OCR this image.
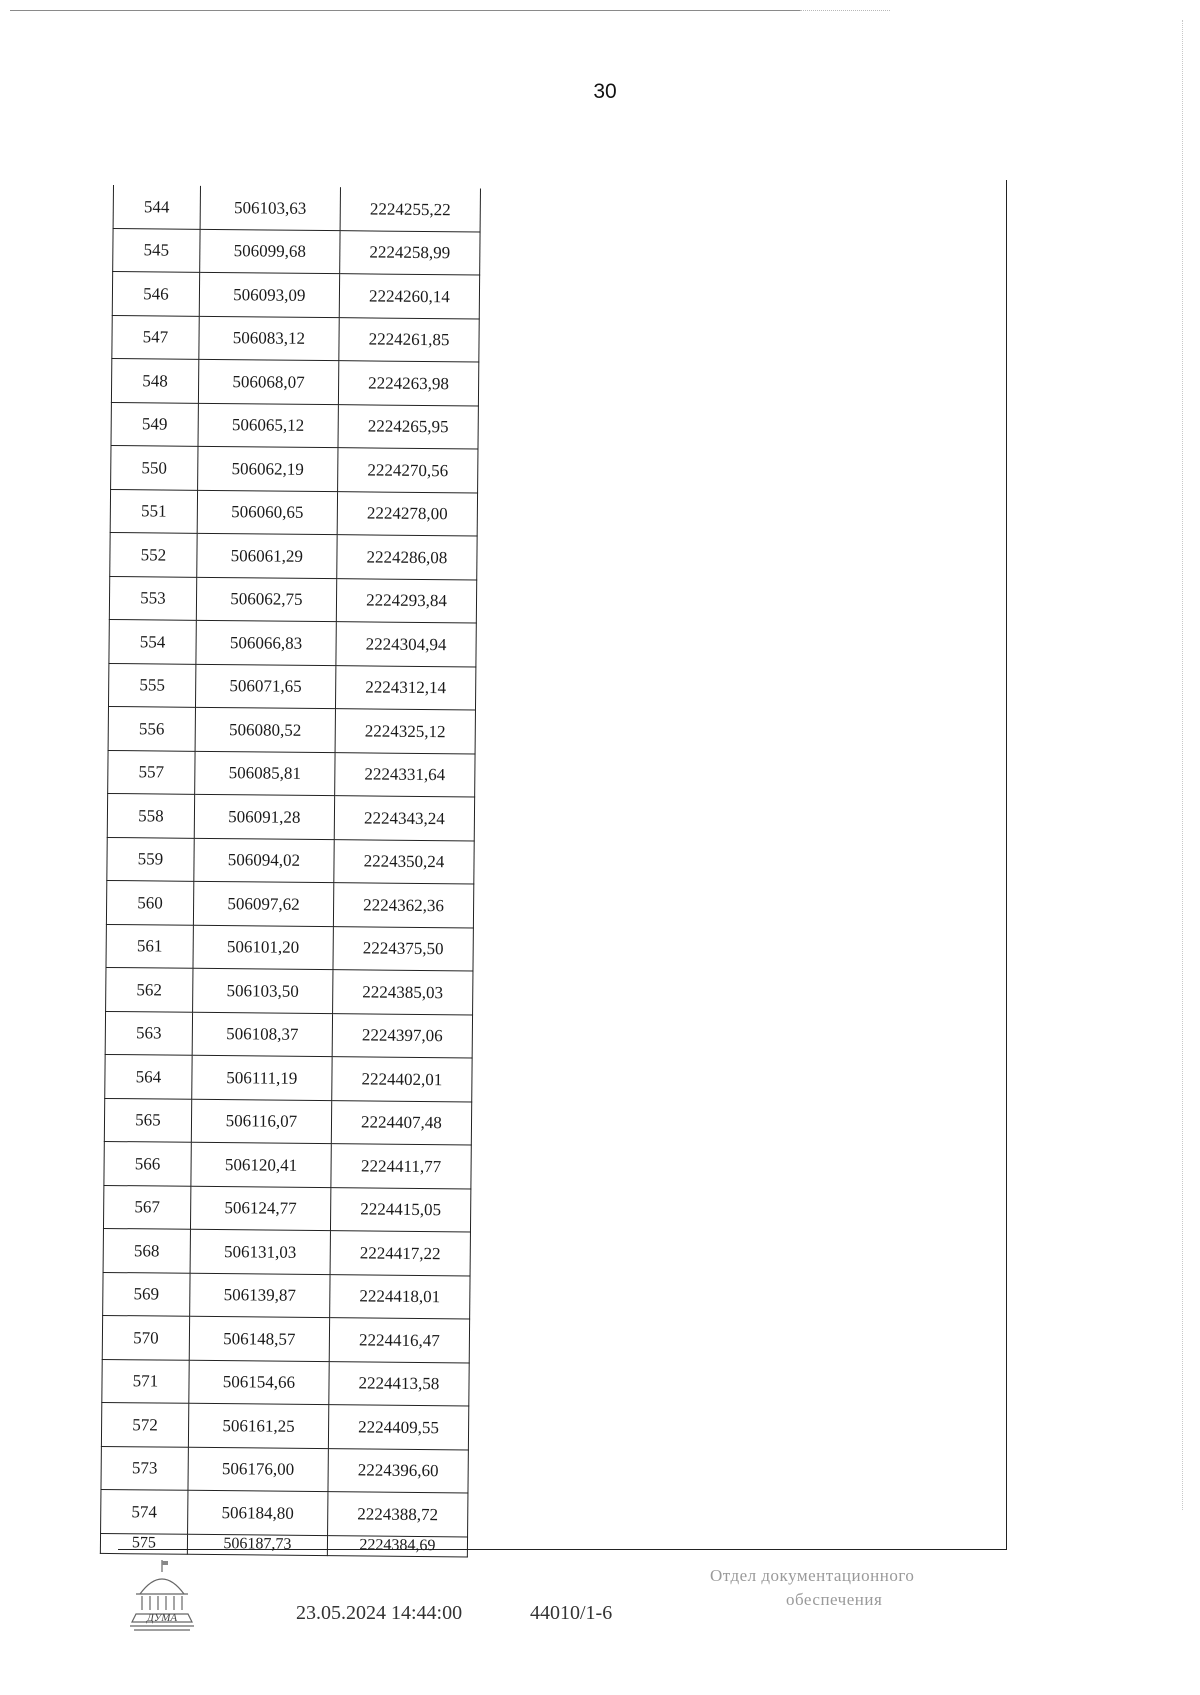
30
544	506103,63	2224255,22
545	506099,68	2224258,99
546	506093,09	2224260,14
547	506083,12	2224261,85
548	506068,07	2224263,98
549	506065,12	2224265,95
550	506062,19	2224270,56
551	506060,65	2224278,00
552	506061,29	2224286,08
553	506062,75	2224293,84
554	506066,83	2224304,94
555	506071,65	2224312,14
556	506080,52	2224325,12
557	506085,81	2224331,64
558	506091,28	2224343,24
559	506094,02	2224350,24
560	506097,62	2224362,36
561	506101,20	2224375,50
562	506103,50	2224385,03
563	506108,37	2224397,06
564	506111,19	2224402,01
565	506116,07	2224407,48
566	506120,41	2224411,77
567	506124,77	2224415,05
568	506131,03	2224417,22
569	506139,87	2224418,01
570	506148,57	2224416,47
571	506154,66	2224413,58
572	506161,25	2224409,55
573	506176,00	2224396,60
574	506184,80	2224388,72
575	506187,73	2224384,69
ДУМА	23.05.2024 14:44:00	44010/1-6
Отдел документационного
обеспечения
